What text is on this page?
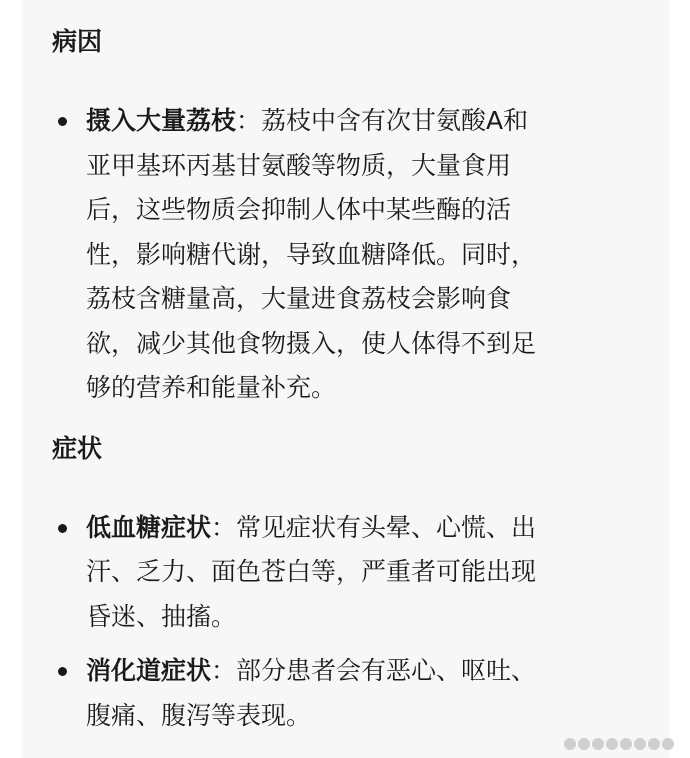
病因
摄入大量荔枝：荔枝中含有次甘氨酸A和
亚甲基环丙基甘氨酸等物质，大量食用
后，这些物质会抑制人体中某些酶的活
性，影响糖代谢，导致血糖降低。同时，
荔枝含糖量高，大量进食荔枝会影响食
欲，减少其他食物摄入，使人体得不到足
够的营养和能量补充。
症状
低血糖症状：常见症状有头晕、心慌、出
汗、乏力、面色苍白等，严重者可能出现
昏迷、抽搐。
消化道症状：部分患者会有恶心、呕吐、
腹痛、腹泻等表现。
